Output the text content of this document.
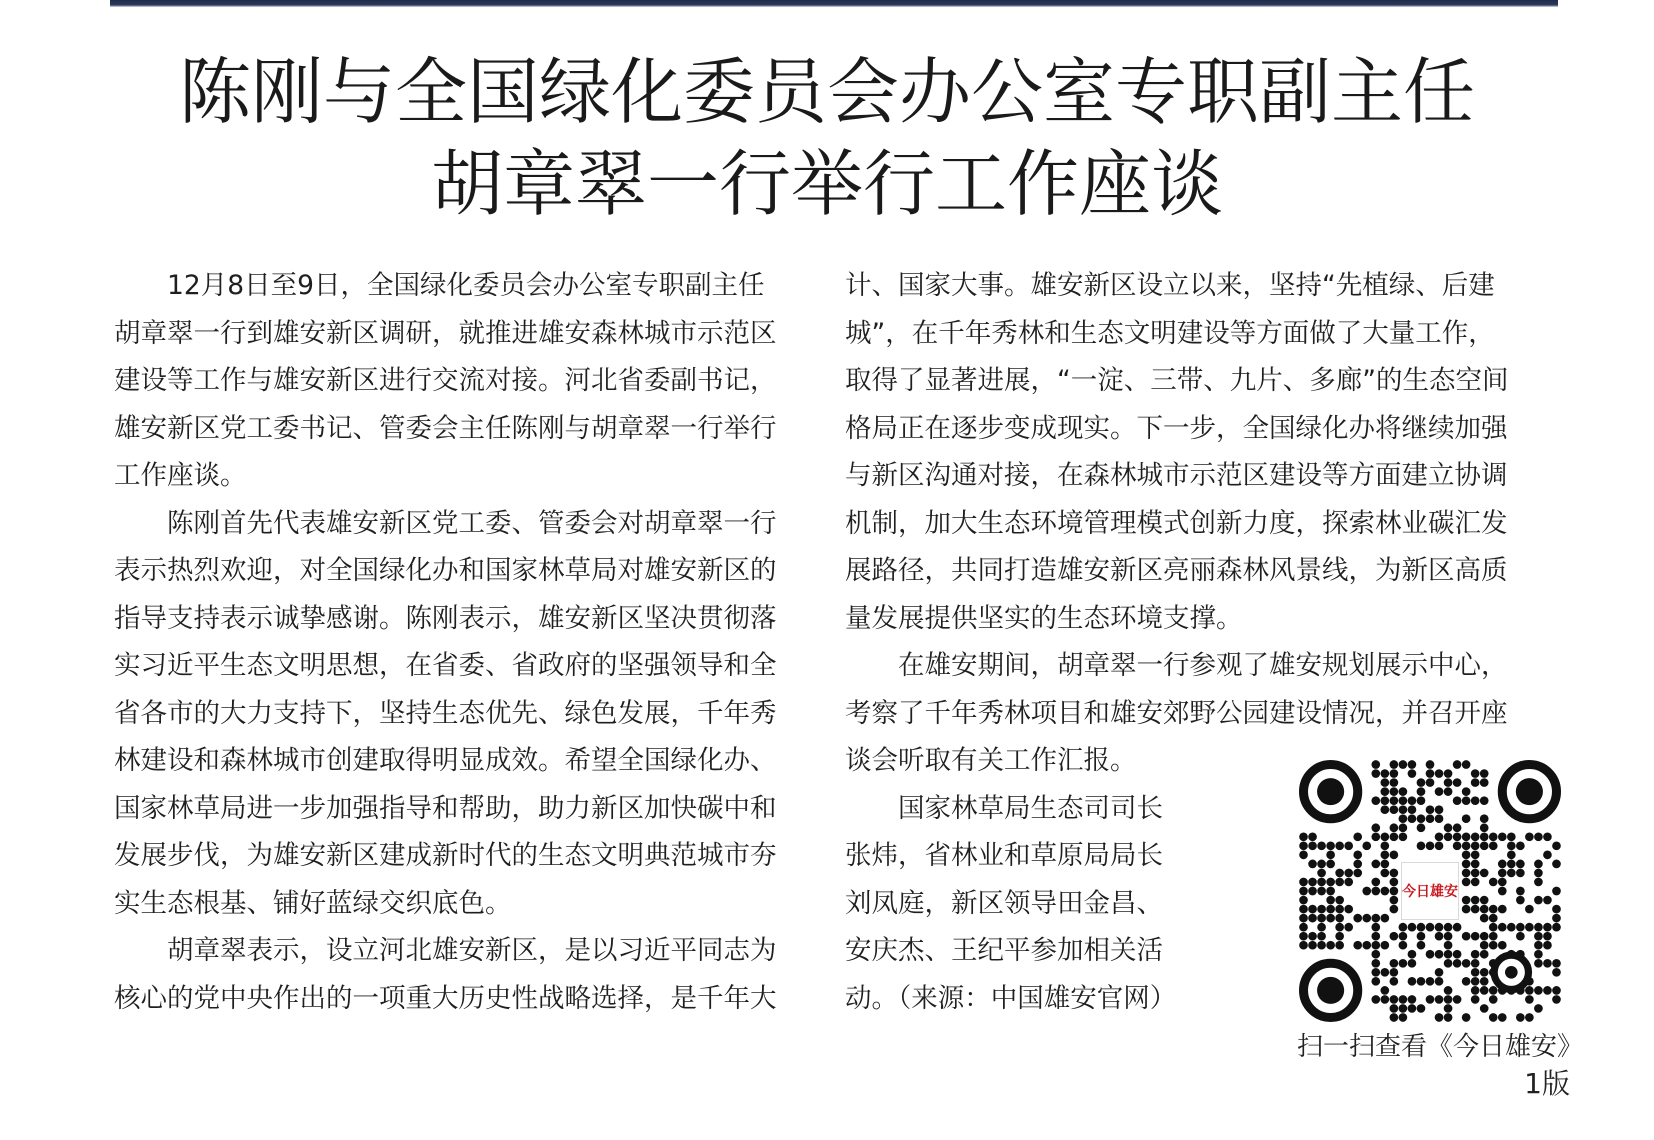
陈刚与全国绿化委员会办公室专职副主任
胡章翠一行举行工作座谈

　　12月8日至9日，全国绿化委员会办公室专职副主任

胡章翠一行到雄安新区调研，就推进雄安森林城市示范区

建设等工作与雄安新区进行交流对接。河北省委副书记，

雄安新区党工委书记、管委会主任陈刚与胡章翠一行举行

工作座谈。

　　陈刚首先代表雄安新区党工委、管委会对胡章翠一行

表示热烈欢迎，对全国绿化办和国家林草局对雄安新区的

指导支持表示诚挚感谢。陈刚表示，雄安新区坚决贯彻落

实习近平生态文明思想，在省委、省政府的坚强领导和全

省各市的大力支持下，坚持生态优先、绿色发展，千年秀

林建设和森林城市创建取得明显成效。希望全国绿化办、

国家林草局进一步加强指导和帮助，助力新区加快碳中和

发展步伐，为雄安新区建成新时代的生态文明典范城市夯

实生态根基、铺好蓝绿交织底色。

　　胡章翠表示，设立河北雄安新区，是以习近平同志为

核心的党中央作出的一项重大历史性战略选择，是千年大

计、国家大事。雄安新区设立以来，坚持“先植绿、后建

城”，在千年秀林和生态文明建设等方面做了大量工作，

取得了显著进展，“一淀、三带、九片、多廊”的生态空间

格局正在逐步变成现实。下一步，全国绿化办将继续加强

与新区沟通对接，在森林城市示范区建设等方面建立协调

机制，加大生态环境管理模式创新力度，探索林业碳汇发

展路径，共同打造雄安新区亮丽森林风景线，为新区高质

量发展提供坚实的生态环境支撑。

　　在雄安期间，胡章翠一行参观了雄安规划展示中心，

考察了千年秀林项目和雄安郊野公园建设情况，并召开座

谈会听取有关工作汇报。

　　国家林草局生态司司长

张炜，省林业和草原局局长

刘凤庭，新区领导田金昌、

安庆杰、王纪平参加相关活

动。（来源：中国雄安官网）

今日雄安
扫一扫查看《今日雄安》
1版
